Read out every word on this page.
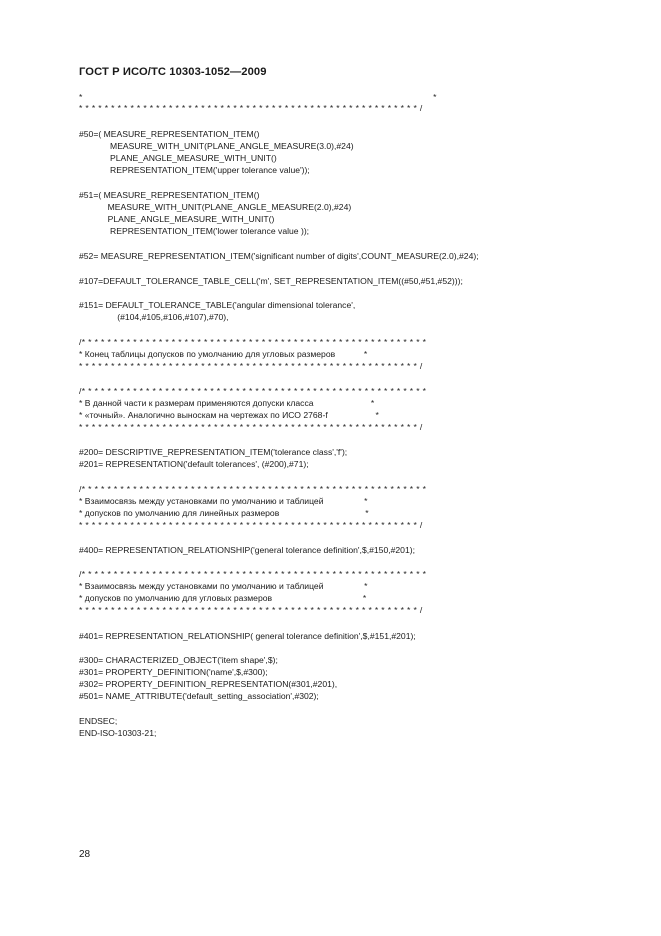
ГОСТ Р ИСО/ТС 10303-1052—2009
*                                                                                                                                *
* * * * * * * * * * * * * * * * * * * * * * * * * * * * * * * * * * * * * * * * * * * * * * * * * * * * * /
#50=( MEASURE_REPRESENTATION_ITEM()
MEASURE_WITH_UNIT(PLANE_ANGLE_MEASURE(3.0),#24)
PLANE_ANGLE_MEASURE_WITH_UNIT()
REPRESENTATION_ITEM('upper tolerance value'));
#51=( MEASURE_REPRESENTATION_ITEM()
MEASURE_WITH_UNIT(PLANE_ANGLE_MEASURE(2.0),#24)
PLANE_ANGLE_MEASURE_WITH_UNIT()
REPRESENTATION_ITEM('lower tolerance value ));
#52= MEASURE_REPRESENTATION_ITEM('significant number of digits',COUNT_MEASURE(2.0),#24);
#107=DEFAULT_TOLERANCE_TABLE_CELL('m', SET_REPRESENTATION_ITEM((#50,#51,#52)));
#151= DEFAULT_TOLERANCE_TABLE('angular dimensional tolerance',
(#104,#105,#106,#107),#70),
/* * * * * * * * * * * * * * * * * * * * * * * * * * * * * * * * * * * * * * * * * * * * * * * * * * * * * *
* Конец таблицы допусков по умолчанию для угловых размеров            *
* * * * * * * * * * * * * * * * * * * * * * * * * * * * * * * * * * * * * * * * * * * * * * * * * * * * * /
/* * * * * * * * * * * * * * * * * * * * * * * * * * * * * * * * * * * * * * * * * * * * * * * * * * * * * *
* В данной части к размерам применяются допуски класса                        *
* «точный». Аналогично выноскам на чертежах по ИСО 2768-f                    *
* * * * * * * * * * * * * * * * * * * * * * * * * * * * * * * * * * * * * * * * * * * * * * * * * * * * * /
#200= DESCRIPTIVE_REPRESENTATION_ITEM('tolerance class','f');
#201= REPRESENTATION('default tolerances', (#200),#71);
/* * * * * * * * * * * * * * * * * * * * * * * * * * * * * * * * * * * * * * * * * * * * * * * * * * * * * *
* Взаимосвязь между установками по умолчанию и таблицей                 *
* допусков по умолчанию для линейных размеров                                    *
* * * * * * * * * * * * * * * * * * * * * * * * * * * * * * * * * * * * * * * * * * * * * * * * * * * * * /
#400= REPRESENTATION_RELATIONSHIP('general tolerance definition',$,#150,#201);
/* * * * * * * * * * * * * * * * * * * * * * * * * * * * * * * * * * * * * * * * * * * * * * * * * * * * * *
* Взаимосвязь между установками по умолчанию и таблицей                 *
* допусков по умолчанию для угловых размеров                                      *
* * * * * * * * * * * * * * * * * * * * * * * * * * * * * * * * * * * * * * * * * * * * * * * * * * * * * /
#401= REPRESENTATION_RELATIONSHIP( general tolerance definition',$,#151,#201);
#300= CHARACTERIZED_OBJECT('item shape',$);
#301= PROPERTY_DEFINITION('name',$,#300);
#302= PROPERTY_DEFINITION_REPRESENTATION(#301,#201),
#501= NAME_ATTRIBUTE('default_setting_association',#302);
ENDSEC;
END-ISO-10303-21;
28
